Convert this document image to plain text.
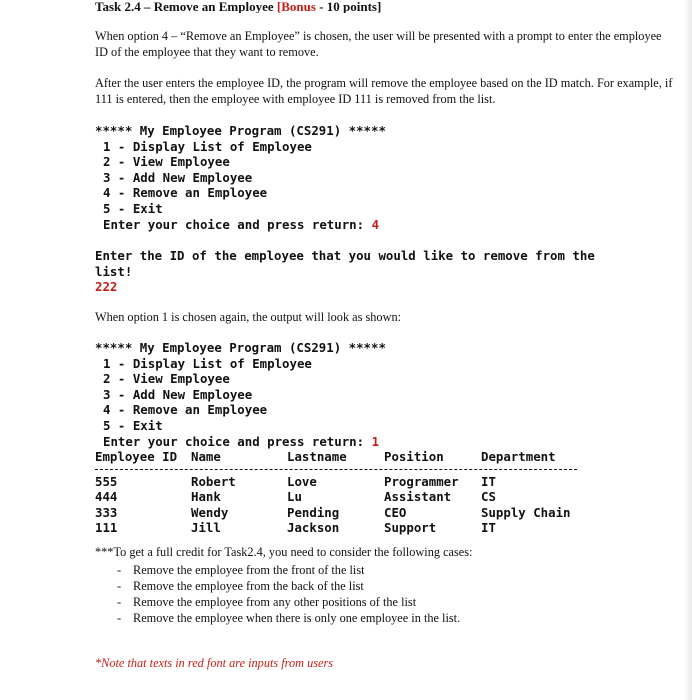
Task 2.4 – Remove an Employee [Bonus - 10 points]

When option 4 – “Remove an Employee” is chosen, the user will be presented with a prompt to enter the employee ID of the employee that they want to remove.

After the user enters the employee ID, the program will remove the employee based on the ID match. For example, if 111 is entered, then the employee with employee ID 111 is removed from the list.

***** My Employee Program (CS291) *****
1 - Display List of Employee
2 - View Employee
3 - Add New Employee
4 - Remove an Employee
5 - Exit
Enter your choice and press return: 4
Enter the ID of the employee that you would like to remove from the list!
222

When option 1 is chosen again, the output will look as shown:

***** My Employee Program (CS291) *****
1 - Display List of Employee
2 - View Employee
3 - Add New Employee
4 - Remove an Employee
5 - Exit
Enter your choice and press return: 1
Employee ID	Name	Lastname	Position	Department
555	Robert	Love	Programmer	IT
444	Hank	Lu	Assistant	CS
333	Wendy	Pending	CEO	Supply Chain
111	Jill	Jackson	Support	IT

***To get a full credit for Task2.4, you need to consider the following cases:

- Remove the employee from the front of the list
- Remove the employee from the back of the list
- Remove the employee from any other positions of the list
- Remove the employee when there is only one employee in the list.

*Note that texts in red font are inputs from users
